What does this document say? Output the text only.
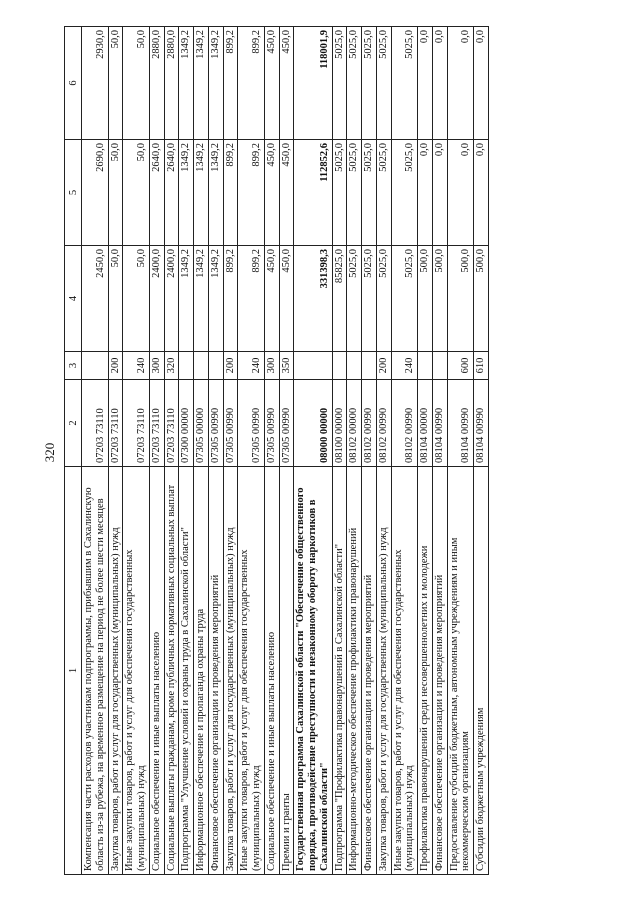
320
1	2	3	4	5	6
Компенсация части расходов участникам подпрограммы, прибывшим в Сахалинскую область из-за рубежа, на временное размещение на период не более шести месяцев	07203 73110		2450,0	2690,0	2930,0
Закупка товаров, работ и услуг для государственных (муниципальных) нужд	07203 73110	200	50,0	50,0	50,0
Иные закупки товаров, работ и услуг для обеспечения государственных (муниципальных) нужд	07203 73110	240	50,0	50,0	50,0
Социальное обеспечение и иные выплаты населению	07203 73110	300	2400,0	2640,0	2880,0
Социальные выплаты гражданам, кроме публичных нормативных социальных выплат	07203 73110	320	2400,0	2640,0	2880,0
Подпрограмма "Улучшение условий и охраны труда в Сахалинской области"	07300 00000		1349,2	1349,2	1349,2
Информационное обеспечение и пропаганда охраны труда	07305 00000		1349,2	1349,2	1349,2
Финансовое обеспечение организации и проведения мероприятий	07305 00990		1349,2	1349,2	1349,2
Закупка товаров, работ и услуг для государственных (муниципальных) нужд	07305 00990	200	899,2	899,2	899,2
Иные закупки товаров, работ и услуг для обеспечения государственных (муниципальных) нужд	07305 00990	240	899,2	899,2	899,2
Социальное обеспечение и иные выплаты населению	07305 00990	300	450,0	450,0	450,0
Премии и гранты	07305 00990	350	450,0	450,0	450,0
Государственная программа Сахалинской области "Обеспечение общественного порядка, противодействие преступности и незаконному обороту наркотиков в Сахалинской области"	08000 00000		331398,3	112852,6	118001,9
Подпрограмма "Профилактика правонарушений в Сахалинской области"	08100 00000		85825,0	5025,0	5025,0
Информационно-методическое обеспечение профилактики правонарушений	08102 00000		5025,0	5025,0	5025,0
Финансовое обеспечение организации и проведения мероприятий	08102 00990		5025,0	5025,0	5025,0
Закупка товаров, работ и услуг для государственных (муниципальных) нужд	08102 00990	200	5025,0	5025,0	5025,0
Иные закупки товаров, работ и услуг для обеспечения государственных (муниципальных) нужд	08102 00990	240	5025,0	5025,0	5025,0
Профилактика правонарушений среди несовершеннолетних и молодежи	08104 00000		500,0	0,0	0,0
Финансовое обеспечение организации и проведения мероприятий	08104 00990		500,0	0,0	0,0
Предоставление субсидий бюджетным, автономным учреждениям и иным некоммерческим организациям	08104 00990	600	500,0	0,0	0,0
Субсидии бюджетным учреждениям	08104 00990	610	500,0	0,0	0,0
